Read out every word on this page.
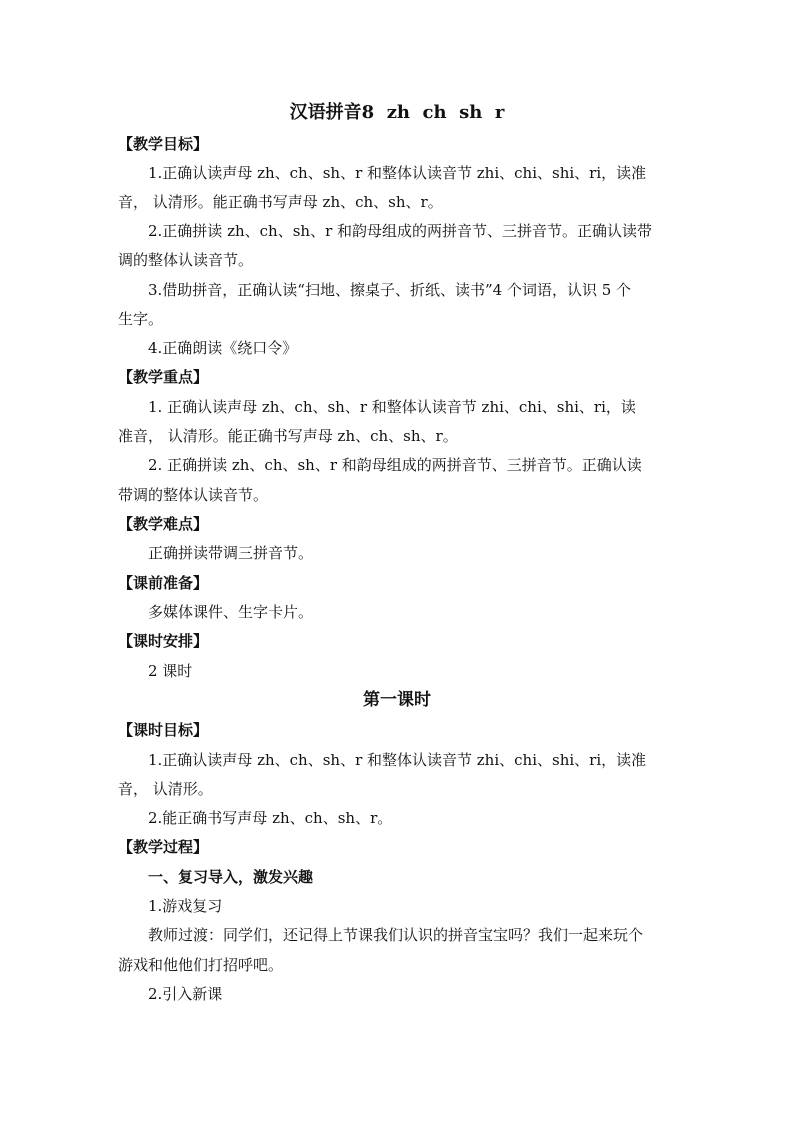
汉语拼音8  zh  ch  sh  r
【教学目标】
1.正确认读声母 zh、ch、sh、r 和整体认读音节 zhi、chi、shi、ri，读准
音， 认清形。能正确书写声母 zh、ch、sh、r。
2.正确拼读 zh、ch、sh、r 和韵母组成的两拼音节、三拼音节。正确认读带
调的整体认读音节。
3.借助拼音，正确认读“扫地、擦桌子、折纸、读书”4 个词语，认识 5 个
生字。
4.正确朗读《绕口令》
【教学重点】
1. 正确认读声母 zh、ch、sh、r 和整体认读音节 zhi、chi、shi、ri，读
准音， 认清形。能正确书写声母 zh、ch、sh、r。
2. 正确拼读 zh、ch、sh、r 和韵母组成的两拼音节、三拼音节。正确认读
带调的整体认读音节。
【教学难点】
正确拼读带调三拼音节。
【课前准备】
多媒体课件、生字卡片。
【课时安排】
2 课时
第一课时
【课时目标】
1.正确认读声母 zh、ch、sh、r 和整体认读音节 zhi、chi、shi、ri，读准
音， 认清形。
2.能正确书写声母 zh、ch、sh、r。
【教学过程】
一、复习导入，激发兴趣
1.游戏复习
教师过渡：同学们，还记得上节课我们认识的拼音宝宝吗？我们一起来玩个
游戏和他他们打招呼吧。
2.引入新课
